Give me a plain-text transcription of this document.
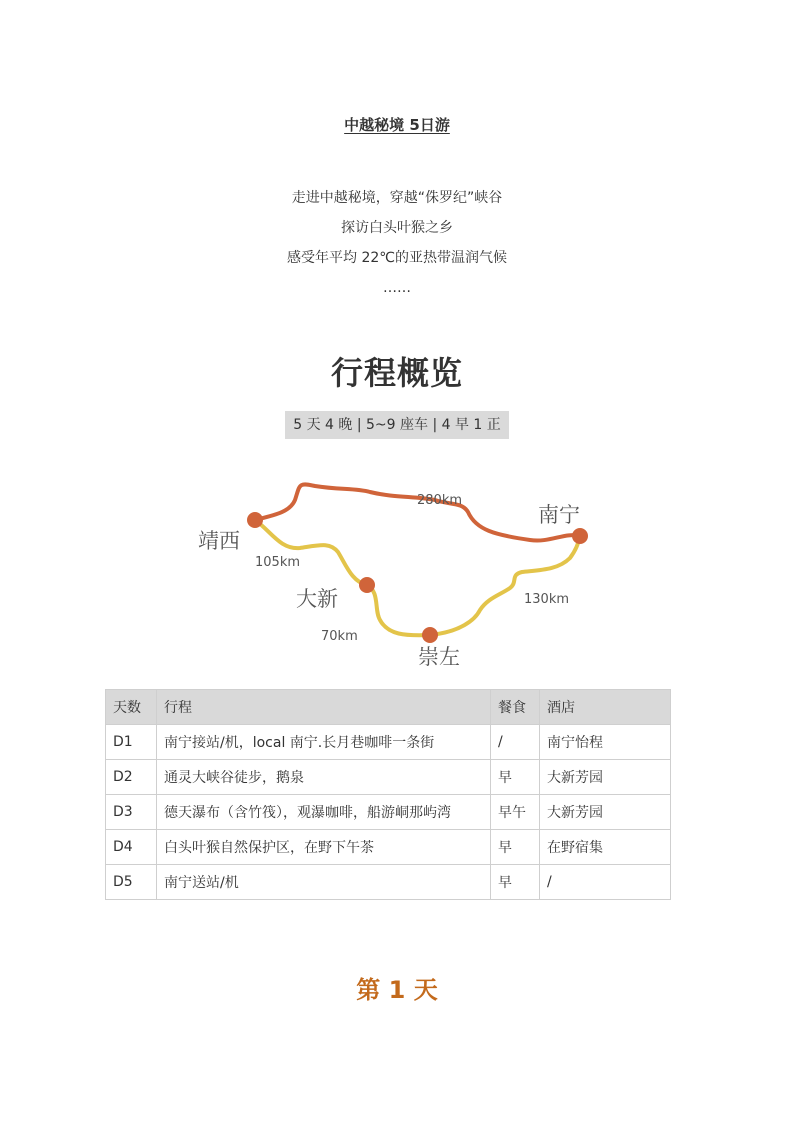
中越秘境 5日游
走进中越秘境，穿越“侏罗纪”峡谷
探访白头叶猴之乡
感受年平均 22℃的亚热带温润气候
……
行程概览
5 天 4 晚 | 5~9 座车 | 4 早 1 正
南宁
靖西
大新
崇左
280km
105km
70km
130km
天数	行程	餐食	酒店
D1	南宁接站/机，local 南宁.长月巷咖啡一条街	/	南宁怡程
D2	通灵大峡谷徒步，鹅泉	早	大新芳园
D3	德天瀑布（含竹筏），观瀑咖啡，船游峒那屿湾	早午	大新芳园
D4	白头叶猴自然保护区，在野下午茶	早	在野宿集
D5	南宁送站/机	早	/
第 1 天
